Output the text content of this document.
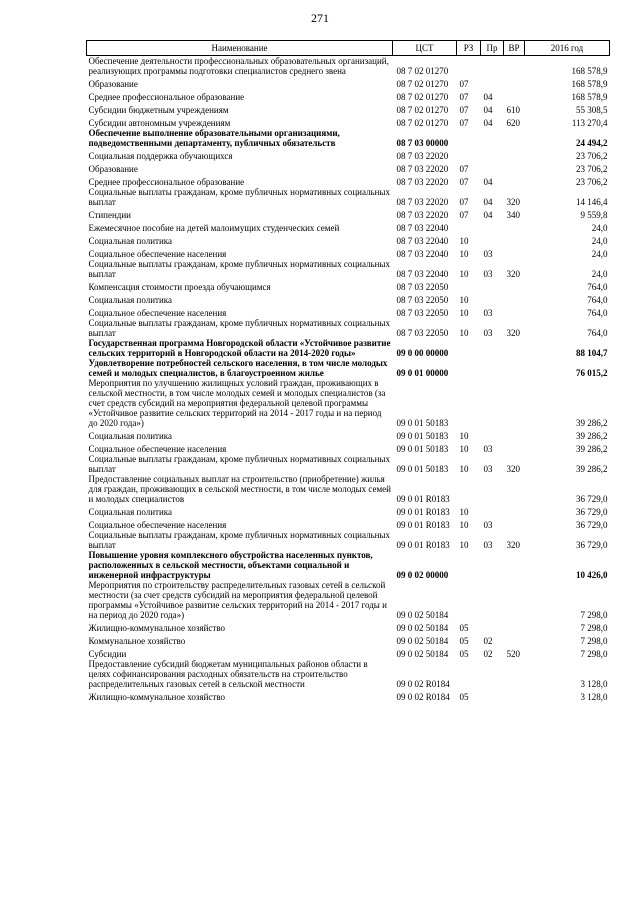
271
Наименование	ЦСТ	РЗ	Пр	ВР	2016 год
Обеспечение деятельности профессиональных образовательных организаций, реализующих программы подготовки специалистов среднего звена	08 7 02 01270				168 578,9
Образование	08 7 02 01270	07			168 578,9
Среднее профессиональное образование	08 7 02 01270	07	04		168 578,9
Субсидии бюджетным учреждениям	08 7 02 01270	07	04	610	55 308,5
Субсидии автономным учреждениям	08 7 02 01270	07	04	620	113 270,4
Обеспечение выполнение образовательными организациями, подведомственными департаменту, публичных обязательств	08 7 03 00000				24 494,2
Социальная поддержка обучающихся	08 7 03 22020				23 706,2
Образование	08 7 03 22020	07			23 706,2
Среднее профессиональное образование	08 7 03 22020	07	04		23 706,2
Социальные выплаты гражданам, кроме публичных нормативных социальных выплат	08 7 03 22020	07	04	320	14 146,4
Стипендии	08 7 03 22020	07	04	340	9 559,8
Ежемесячное пособие на детей малоимущих студенческих семей	08 7 03 22040				24,0
Социальная политика	08 7 03 22040	10			24,0
Социальное обеспечение населения	08 7 03 22040	10	03		24,0
Социальные выплаты гражданам, кроме публичных нормативных социальных выплат	08 7 03 22040	10	03	320	24,0
Компенсация стоимости проезда обучающимся	08 7 03 22050				764,0
Социальная политика	08 7 03 22050	10			764,0
Социальное обеспечение населения	08 7 03 22050	10	03		764,0
Социальные выплаты гражданам, кроме публичных нормативных социальных выплат	08 7 03 22050	10	03	320	764,0
Государственная программа Новгородской области «Устойчивое развитие сельских территорий в Новгородской области на 2014-2020 годы»	09 0 00 00000				88 104,7
Удовлетворение потребностей сельского населения, в том числе молодых семей и молодых специалистов, в благоустроенном жилье	09 0 01 00000				76 015,2
Мероприятия по улучшению жилищных условий граждан, проживающих в сельской местности, в том числе молодых семей и молодых специалистов (за счет средств субсидий на мероприятия федеральной целевой программы «Устойчивое развитие сельских территорий на 2014 - 2017 годы и на период до 2020 года»)	09 0 01 50183				39 286,2
Социальная политика	09 0 01 50183	10			39 286,2
Социальное обеспечение населения	09 0 01 50183	10	03		39 286,2
Социальные выплаты гражданам, кроме публичных нормативных социальных выплат	09 0 01 50183	10	03	320	39 286,2
Предоставление социальных выплат на строительство (приобретение) жилья для граждан, проживающих в сельской местности, в том числе молодых семей и молодых специалистов	09 0 01 R0183				36 729,0
Социальная политика	09 0 01 R0183	10			36 729,0
Социальное обеспечение населения	09 0 01 R0183	10	03		36 729,0
Социальные выплаты гражданам, кроме публичных нормативных социальных выплат	09 0 01 R0183	10	03	320	36 729,0
Повышение уровня комплексного обустройства населенных пунктов, расположенных в сельской местности, объектами социальной и инженерной инфраструктуры	09 0 02 00000				10 426,0
Мероприятия по строительству распределительных газовых сетей в сельской местности (за счет средств субсидий на мероприятия федеральной целевой программы «Устойчивое развитие сельских территорий на 2014 - 2017 годы и на период до 2020 года»)	09 0 02 50184				7 298,0
Жилищно-коммунальное хозяйство	09 0 02 50184	05			7 298,0
Коммунальное хозяйство	09 0 02 50184	05	02		7 298,0
Субсидии	09 0 02 50184	05	02	520	7 298,0
Предоставление субсидий бюджетам муниципальных районов области в целях софинансирования расходных обязательств на строительство распределительных газовых сетей в сельской местности	09 0 02 R0184				3 128,0
Жилищно-коммунальное хозяйство	09 0 02 R0184	05			3 128,0
